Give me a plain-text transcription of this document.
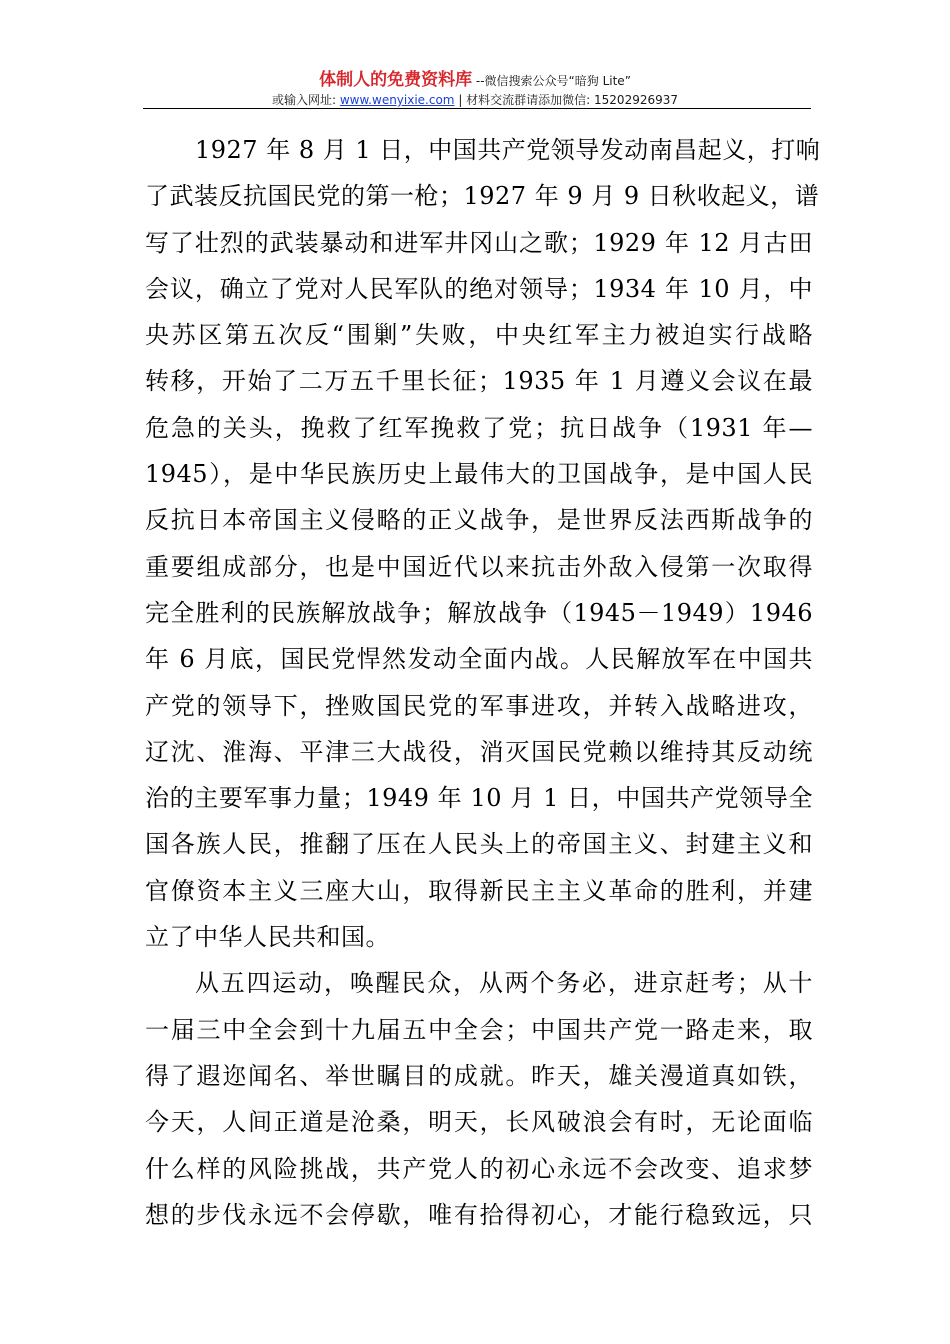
体制人的免费资料库 --微信搜索公众号“暗狗 Lite”
或输入网址: www.wenyixie.com | 材料交流群请添加微信: 15202926937
1927 年 8 月 1 日，中国共产党领导发动南昌起义，打响
了武装反抗国民党的第一枪；1927 年 9 月 9 日秋收起义，谱
写了壮烈的武装暴动和进军井冈山之歌；1929 年 12 月古田
会议，确立了党对人民军队的绝对领导；1934 年 10 月，中
央苏区第五次反“围剿”失败，中央红军主力被迫实行战略
转移，开始了二万五千里长征；1935 年 1 月遵义会议在最
危急的关头，挽救了红军挽救了党；抗日战争（1931 年—
1945），是中华民族历史上最伟大的卫国战争，是中国人民
反抗日本帝国主义侵略的正义战争，是世界反法西斯战争的
重要组成部分，也是中国近代以来抗击外敌入侵第一次取得
完全胜利的民族解放战争；解放战争（1945－1949）1946
年 6 月底，国民党悍然发动全面内战。人民解放军在中国共
产党的领导下，挫败国民党的军事进攻，并转入战略进攻，
辽沈、淮海、平津三大战役，消灭国民党赖以维持其反动统
治的主要军事力量；1949 年 10 月 1 日，中国共产党领导全
国各族人民，推翻了压在人民头上的帝国主义、封建主义和
官僚资本主义三座大山，取得新民主主义革命的胜利，并建
立了中华人民共和国。
从五四运动，唤醒民众，从两个务必，进京赶考；从十
一届三中全会到十九届五中全会；中国共产党一路走来，取
得了遐迩闻名、举世瞩目的成就。昨天，雄关漫道真如铁，
今天，人间正道是沧桑，明天，长风破浪会有时，无论面临
什么样的风险挑战，共产党人的初心永远不会改变、追求梦
想的步伐永远不会停歇，唯有拾得初心，才能行稳致远，只
